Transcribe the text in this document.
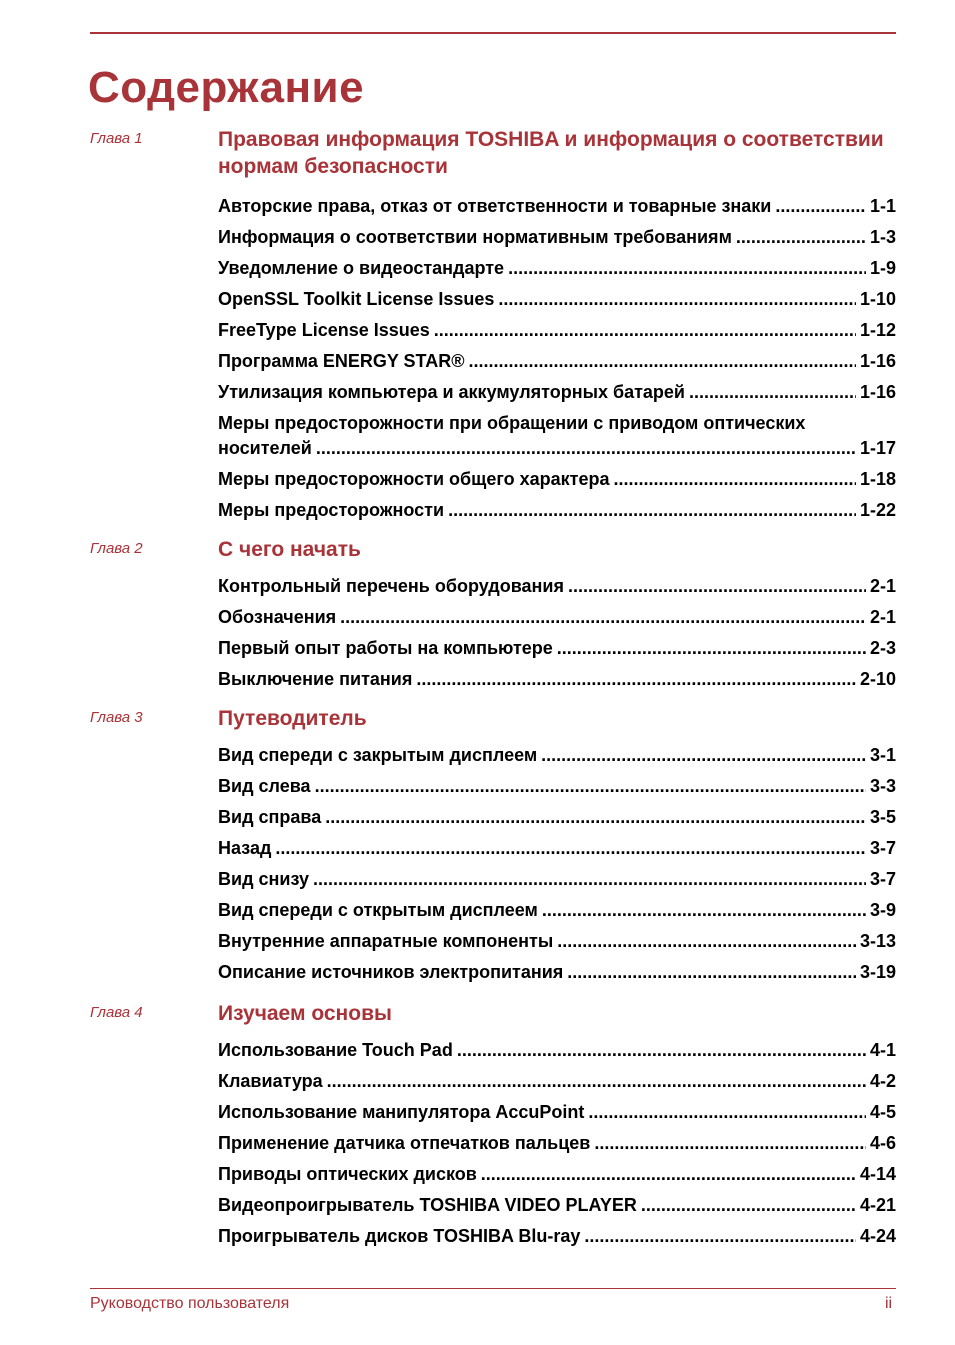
Содержание
Глава 1	Правовая информация TOSHIBA и информация о соответствии нормам безопасности
Авторские права, отказ от ответственности и товарные знаки .....	1-1
Информация о соответствии нормативным требованиям .....	1-3
Уведомление о видеостандарте .....	1-9
OpenSSL Toolkit License Issues .....	1-10
FreeType License Issues .....	1-12
Программа ENERGY STAR® .....	1-16
Утилизация компьютера и аккумуляторных батарей .....	1-16
Меры предосторожности при обращении с приводом оптических
носителей .....	1-17
Меры предосторожности общего характера .....	1-18
Меры предосторожности .....	1-22
Глава 2	С чего начать
Контрольный перечень оборудования .....	2-1
Обозначения .....	2-1
Первый опыт работы на компьютере .....	2-3
Выключение питания .....	2-10
Глава 3	Путеводитель
Вид спереди с закрытым дисплеем .....	3-1
Вид слева .....	3-3
Вид справа .....	3-5
Назад .....	3-7
Вид снизу .....	3-7
Вид спереди с открытым дисплеем .....	3-9
Внутренние аппаратные компоненты .....	3-13
Описание источников электропитания .....	3-19
Глава 4	Изучаем основы
Использование Touch Pad .....	4-1
Клавиатура .....	4-2
Использование манипулятора AccuPoint .....	4-5
Применение датчика отпечатков пальцев .....	4-6
Приводы оптических дисков .....	4-14
Видеопроигрыватель TOSHIBA VIDEO PLAYER .....	4-21
Проигрыватель дисков TOSHIBA Blu-ray .....	4-24
Руководство пользователя	ii
